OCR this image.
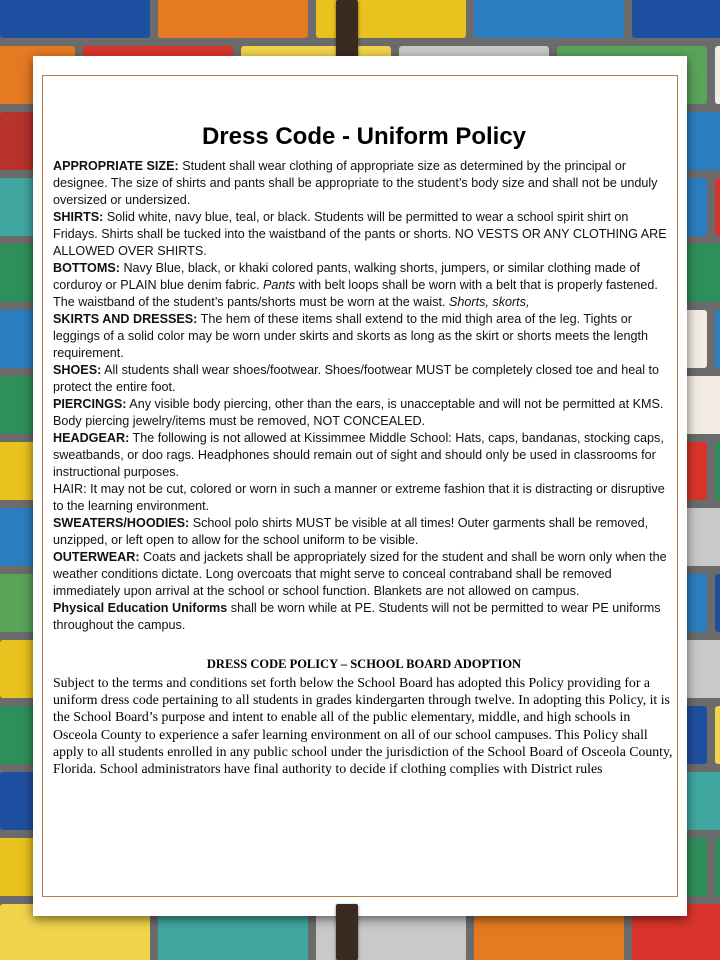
Dress Code - Uniform Policy

APPROPRIATE SIZE: Student shall wear clothing of appropriate size as determined by the principal or designee. The size of shirts and pants shall be appropriate to the student’s body size and shall not be unduly oversized or undersized.

SHIRTS: Solid white, navy blue, teal, or black. Students will be permitted to wear a school spirit shirt on Fridays. Shirts shall be tucked into the waistband of the pants or shorts. NO VESTS OR ANY CLOTHING ARE ALLOWED OVER SHIRTS.

BOTTOMS: Navy Blue, black, or khaki colored pants, walking shorts, jumpers, or similar clothing made of corduroy or PLAIN blue denim fabric. Pants with belt loops shall be worn with a belt that is properly fastened. The waistband of the student’s pants/shorts must be worn at the waist. Shorts, skorts,

SKIRTS AND DRESSES: The hem of these items shall extend to the mid thigh area of the leg. Tights or leggings of a solid color may be worn under skirts and skorts as long as the skirt or shorts meets the length requirement.

SHOES: All students shall wear shoes/footwear. Shoes/footwear MUST be completely closed toe and heal to protect the entire foot.

PIERCINGS: Any visible body piercing, other than the ears, is unacceptable and will not be permitted at KMS. Body piercing jewelry/items must be removed, NOT CONCEALED.

HEADGEAR: The following is not allowed at Kissimmee Middle School: Hats, caps, bandanas, stocking caps, sweatbands, or doo rags. Headphones should remain out of sight and should only be used in classrooms for instructional purposes.

HAIR: It may not be cut, colored or worn in such a manner or extreme fashion that it is distracting or disruptive to the learning environment.

SWEATERS/HOODIES: School polo shirts MUST be visible at all times! Outer garments shall be removed, unzipped, or left open to allow for the school uniform to be visible.

OUTERWEAR: Coats and jackets shall be appropriately sized for the student and shall be worn only when the weather conditions dictate. Long overcoats that might serve to conceal contraband shall be removed immediately upon arrival at the school or school function. Blankets are not allowed on campus.

Physical Education Uniforms shall be worn while at PE. Students will not be permitted to wear PE uniforms throughout the campus.

DRESS CODE POLICY – SCHOOL BOARD ADOPTION

Subject to the terms and conditions set forth below the School Board has adopted this Policy providing for a uniform dress code pertaining to all students in grades kindergarten through twelve. In adopting this Policy, it is the School Board’s purpose and intent to enable all of the public elementary, middle, and high schools in Osceola County to experience a safer learning environment on all of our school campuses. This Policy shall apply to all students enrolled in any public school under the jurisdiction of the School Board of Osceola County, Florida. School administrators have final authority to decide if clothing complies with District rules
